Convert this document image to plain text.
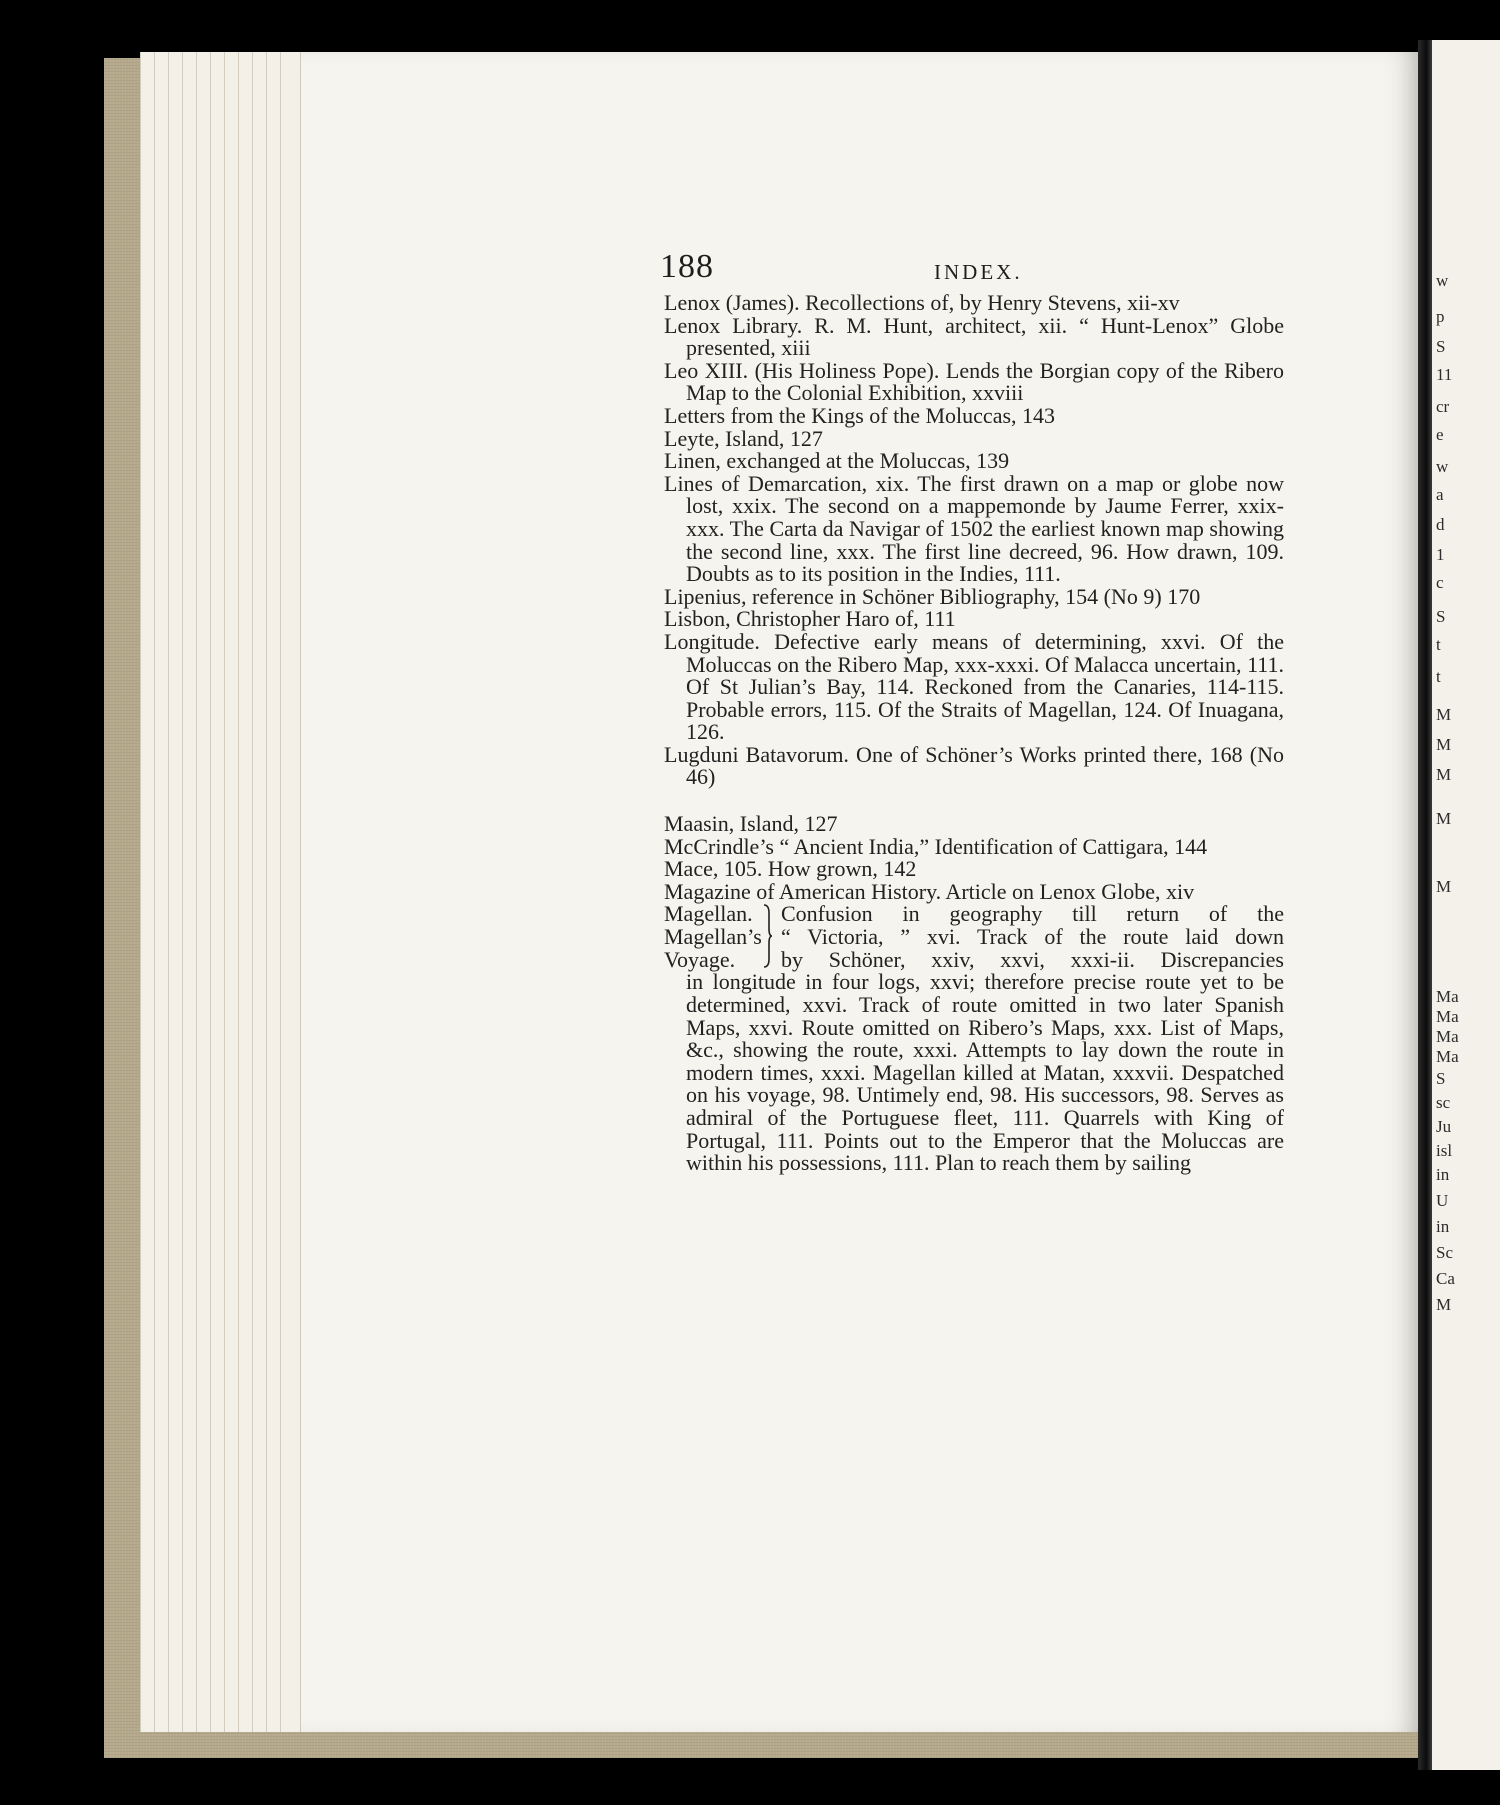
w
p
S
11
cr
e
w
a
d
1
c
S
t
t
M
M
M
M
M
Ma
Ma
Ma
Ma
S
sc
Ju
isl
in
U
in
Sc
Ca
M
188	INDEX.

Lenox (James). Recollections of, by Henry Stevens, xii-xv

Lenox Library. R. M. Hunt, architect, xii. “ Hunt-Lenox” Globe presented, xiii

Leo XIII. (His Holiness Pope). Lends the Borgian copy of the Ribero Map to the Colonial Exhibition, xxviii

Letters from the Kings of the Moluccas, 143

Leyte, Island, 127

Linen, exchanged at the Moluccas, 139

Lines of Demarcation, xix. The first drawn on a map or globe now lost, xxix. The second on a mappemonde by Jaume Ferrer, xxix-xxx. The Carta da Navigar of 1502 the earliest known map showing the second line, xxx. The first line decreed, 96. How drawn, 109. Doubts as to its position in the Indies, 111.

Lipenius, reference in Schöner Bibliography, 154 (No 9) 170

Lisbon, Christopher Haro of, 111

Longitude. Defective early means of determining, xxvi. Of the Moluccas on the Ribero Map, xxx-xxxi. Of Malacca uncertain, 111. Of St Julian’s Bay, 114. Reckoned from the Canaries, 114-115. Probable errors, 115. Of the Straits of Magellan, 124. Of Inuagana, 126.

Lugduni Batavorum. One of Schöner’s Works printed there, 168 (No 46)

Maasin, Island, 127

McCrindle’s “ Ancient India,” Identification of Cattigara, 144

Mace, 105. How grown, 142

Magazine of American History. Article on Lenox Globe, xiv

Magellan.
Magellan’s
Voyage.
Confusion in geography till return of the
“ Victoria, ” xvi. Track of the route laid down
by Schöner, xxiv, xxvi, xxxi-ii. Discrepancies

in longitude in four logs, xxvi; therefore precise route yet to be determined, xxvi. Track of route omitted in two later Spanish Maps, xxvi. Route omitted on Ribero’s Maps, xxx. List of Maps, &c., showing the route, xxxi. Attempts to lay down the route in modern times, xxxi. Magellan killed at Matan, xxxvii. Despatched on his voyage, 98. Untimely end, 98. His successors, 98. Serves as admiral of the Portuguese fleet, 111. Quarrels with King of Portugal, 111. Points out to the Emperor that the Moluccas are within his possessions, 111. Plan to reach them by sailing
